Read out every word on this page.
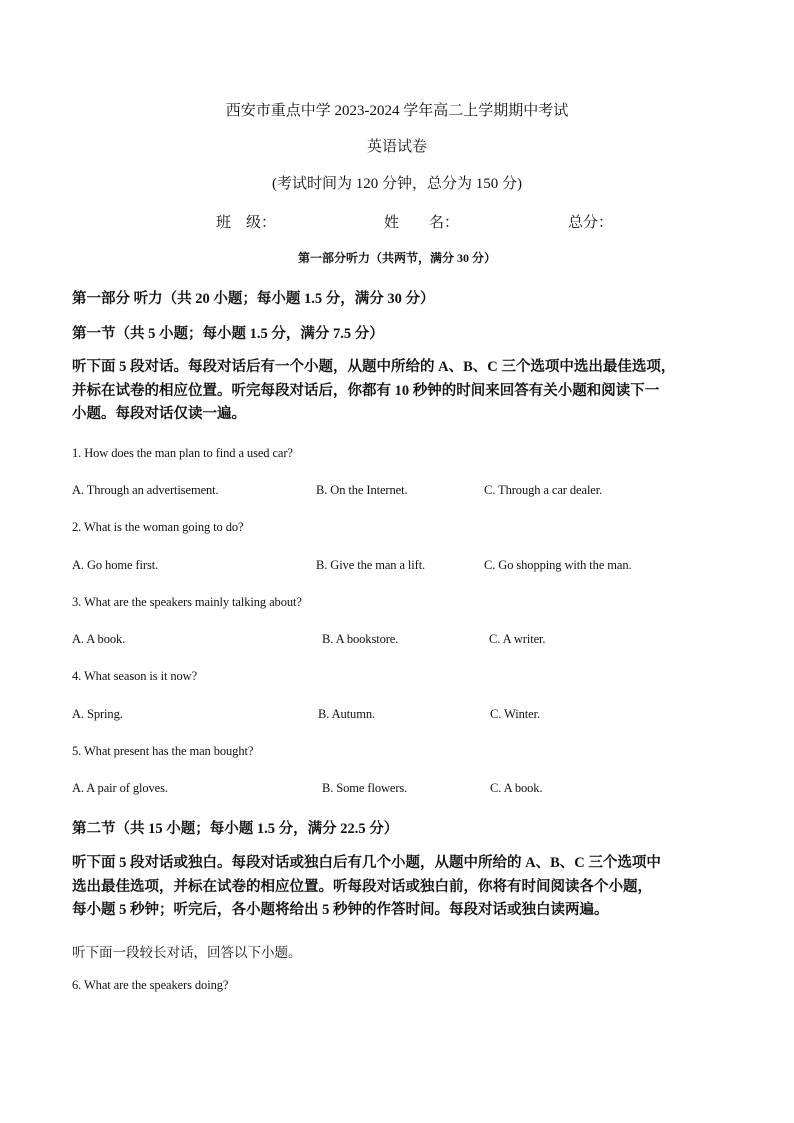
西安市重点中学 2023-2024 学年高二上学期期中考试
英语试卷
(考试时间为 120 分钟，总分为 150 分)
班　级：	姓　　名：	总分：
第一部分听力（共两节，满分 30 分）
第一部分 听力（共 20 小题；每小题 1.5 分，满分 30 分）
第一节（共 5 小题；每小题 1.5 分，满分 7.5 分）
听下面 5 段对话。每段对话后有一个小题，从题中所给的 A、B、C 三个选项中选出最佳选项，
并标在试卷的相应位置。听完每段对话后，你都有 10 秒钟的时间来回答有关小题和阅读下一
小题。每段对话仅读一遍。
1. How does the man plan to find a used car?
A. Through an advertisement.	B. On the Internet.	C. Through a car dealer.
2. What is the woman going to do?
A. Go home first.	B. Give the man a lift.	C. Go shopping with the man.
3. What are the speakers mainly talking about?
A. A book.	B. A bookstore.	C. A writer.
4. What season is it now?
A. Spring.	B. Autumn.	C. Winter.
5. What present has the man bought?
A. A pair of gloves.	B. Some flowers.	C. A book.
第二节（共 15 小题；每小题 1.5 分，满分 22.5 分）
听下面 5 段对话或独白。每段对话或独白后有几个小题，从题中所给的 A、B、C 三个选项中
选出最佳选项，并标在试卷的相应位置。听每段对话或独白前，你将有时间阅读各个小题，
每小题 5 秒钟；听完后，各小题将给出 5 秒钟的作答时间。每段对话或独白读两遍。
听下面一段较长对话，回答以下小题。
6. What are the speakers doing?
